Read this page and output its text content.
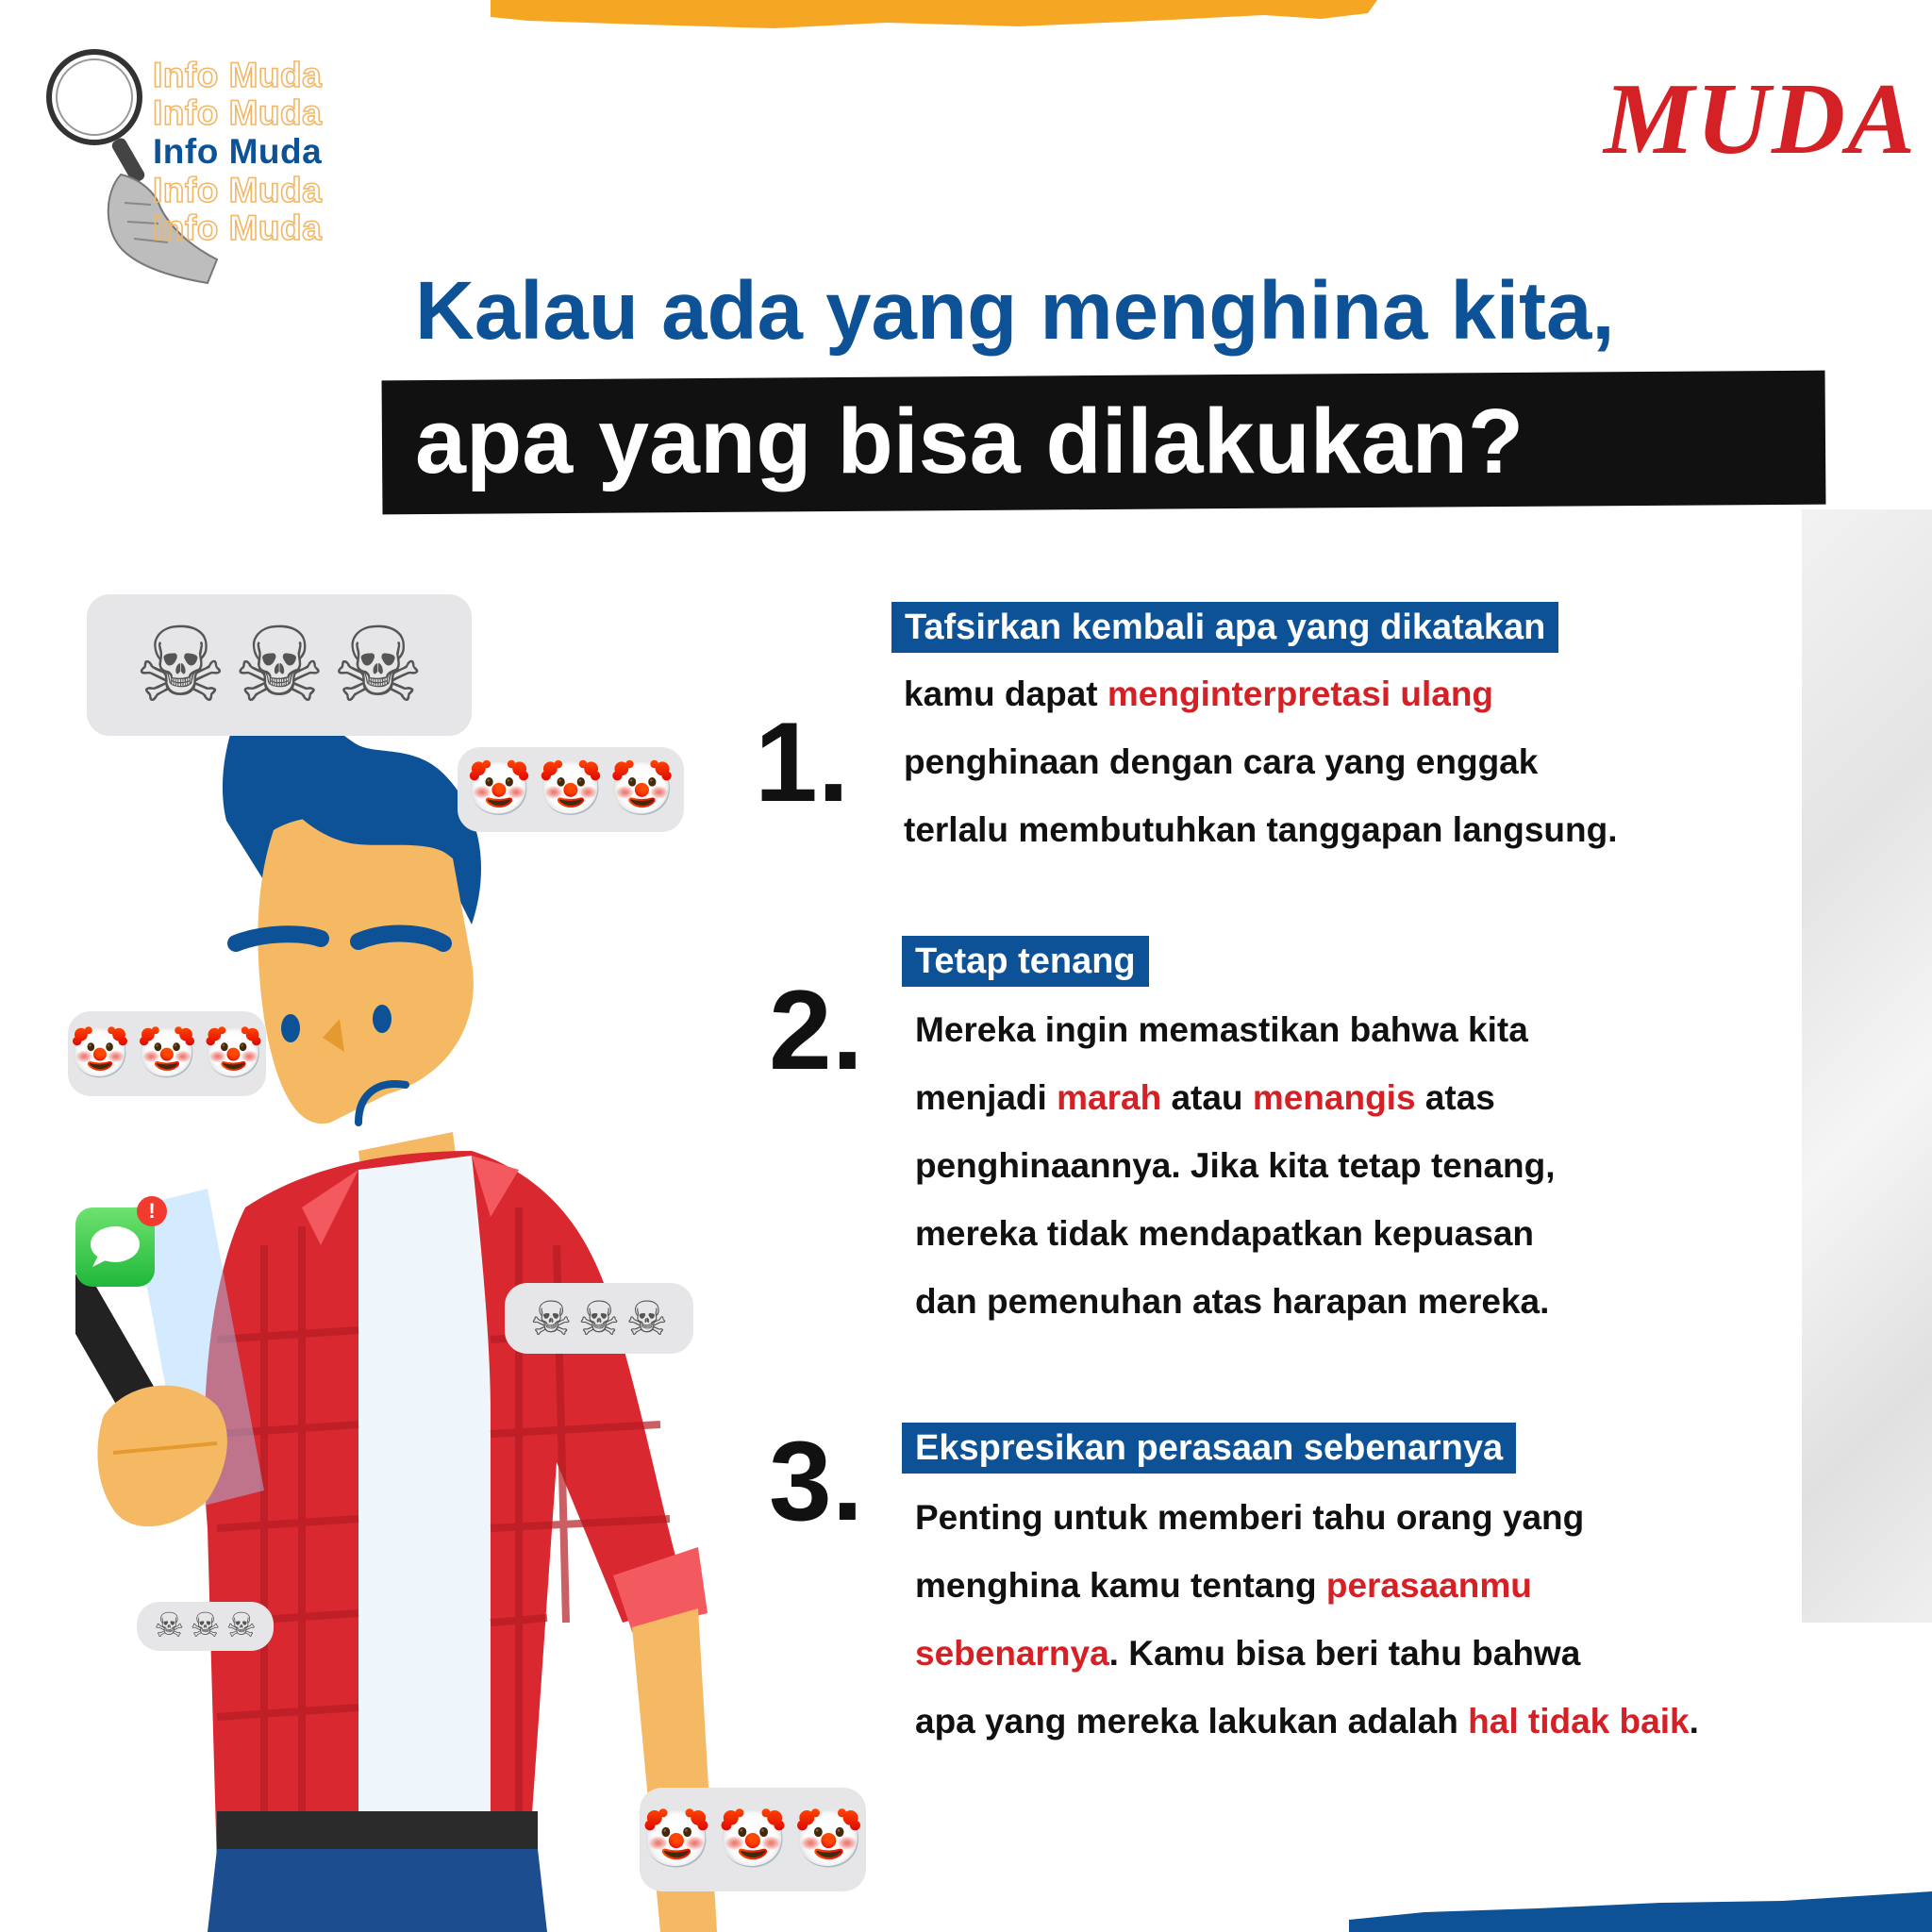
Info Muda
Info Muda
Info Muda
Info Muda
Info Muda
MUDA
Kalau ada yang menghina kita,
apa yang bisa dilakukan?
!
☠ ☠ ☠
🤡 🤡 🤡
🤡 🤡 🤡
☠ ☠ ☠
☠ ☠ ☠
🤡 🤡 🤡
1.
Tafsirkan kembali apa yang dikatakan
kamu dapat menginterpretasi ulang
penghinaan dengan cara yang enggak
terlalu membutuhkan tanggapan langsung.
2.
Tetap tenang
Mereka ingin memastikan bahwa kita
menjadi marah atau menangis atas
penghinaannya. Jika kita tetap tenang,
mereka tidak mendapatkan kepuasan
dan pemenuhan atas harapan mereka.
3.	Ekspresikan perasaan sebenarnya
Penting untuk memberi tahu orang yang
menghina kamu tentang perasaanmu
sebenarnya. Kamu bisa beri tahu bahwa
apa yang mereka lakukan adalah hal tidak baik.
